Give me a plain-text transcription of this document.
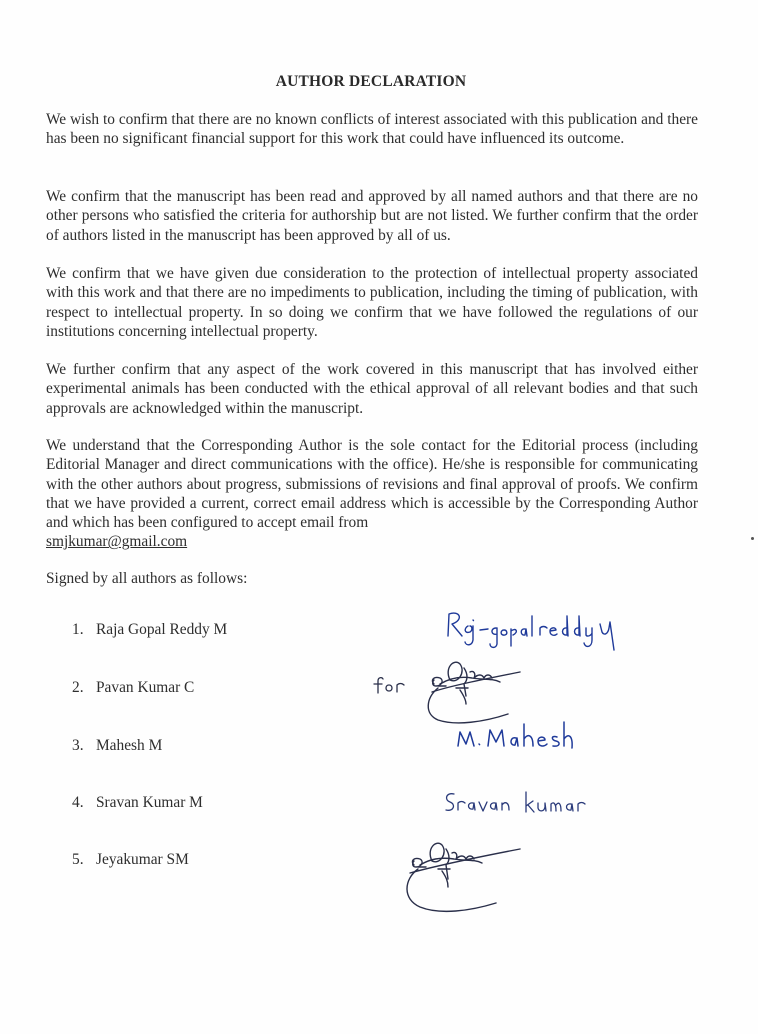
AUTHOR DECLARATION
We wish to confirm that there are no known conflicts of interest associated with this publication and there has been no significant financial support for this work that could have influenced its outcome.
We confirm that the manuscript has been read and approved by all named authors and that there are no other persons who satisfied the criteria for authorship but are not listed. We further confirm that the order of authors listed in the manuscript has been approved by all of us.
We confirm that we have given due consideration to the protection of intellectual property associated with this work and that there are no impediments to publication, including the timing of publication, with respect to intellectual property. In so doing we confirm that we have followed the regulations of our institutions concerning intellectual property.
We further confirm that any aspect of the work covered in this manuscript that has involved either experimental animals has been conducted with the ethical approval of all relevant bodies and that such approvals are acknowledged within the manuscript.
We understand that the Corresponding Author is the sole contact for the Editorial process (including Editorial Manager and direct communications with the office). He/she is responsible for communicating with the other authors about progress, submissions of revisions and final approval of proofs. We confirm that we have provided a current, correct email address which is accessible by the Corresponding Author and which has been configured to accept email from
smjkumar@gmail.com
Signed by all authors as follows:
1. Raja Gopal Reddy M
2. Pavan Kumar C
3. Mahesh M
4. Sravan Kumar M
5. Jeyakumar SM
